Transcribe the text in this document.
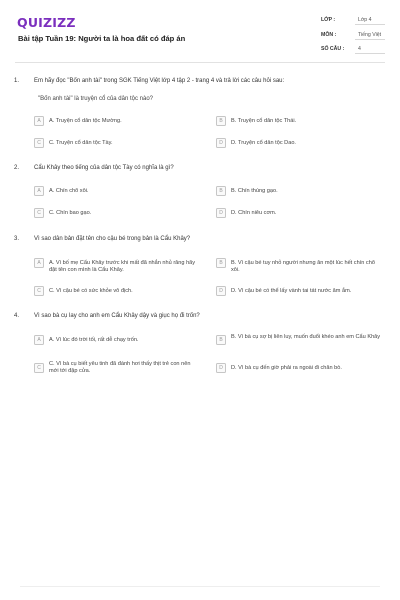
QUIZIZZ
Bài tập Tuần 19: Người ta là hoa đất có đáp án
LỚP :	Lớp 4
MÔN :	Tiếng Việt
SỐ CÂU :	4
1. Em hãy đọc "Bốn anh tài" trong SGK Tiếng Việt lớp 4 tập 2 - trang 4 và trả lời các câu hỏi sau:
"Bốn anh tài" là truyện cổ của dân tộc nào?
A	A. Truyện cổ dân tộc Mường.	B	B. Truyện cổ dân tộc Thái.
C	C. Truyện cổ dân tộc Tày.	D	D. Truyện cổ dân tộc Dao.
2. Cẩu Khây theo tiếng của dân tộc Tày có nghĩa là gì?
A	A. Chín chõ xôi.	B	B. Chín thúng gạo.
C	C. Chín bao gạo.	D	D. Chín niêu cơm.
3. Vì sao dân bản đặt tên cho cậu bé trong bản là Cẩu Khây?
A	A. Vì bố mẹ Cẩu Khây trước khi mất đã nhắn nhủ răng hãy đặt tên con mình là Cẩu Khây.
B	B. Vì cậu bé tuy nhỏ người nhưng ăn một lúc hết chín chõ xôi.
C	C. Vì cậu bé có sức khỏe vô địch.	D	D. Vì cậu bé có thể lấy vành tai tát nước ăm ắm.
4. Vì sao bà cụ lay cho anh em Cẩu Khây dậy và giục họ đi trốn?
A	A. Vì lúc đó trời tối, rất dễ chạy trốn.	B	B. Vì bà cụ sợ bị liên luy, muốn đuổi khéo anh em Cẩu Khây
C
C. Vì bà cụ biết yêu tinh đã đánh hơi thấy thịt trẻ con nên mới tới đập cửa.	D	D. Vì bà cụ đến giờ phải ra ngoài đi chăn bò.
